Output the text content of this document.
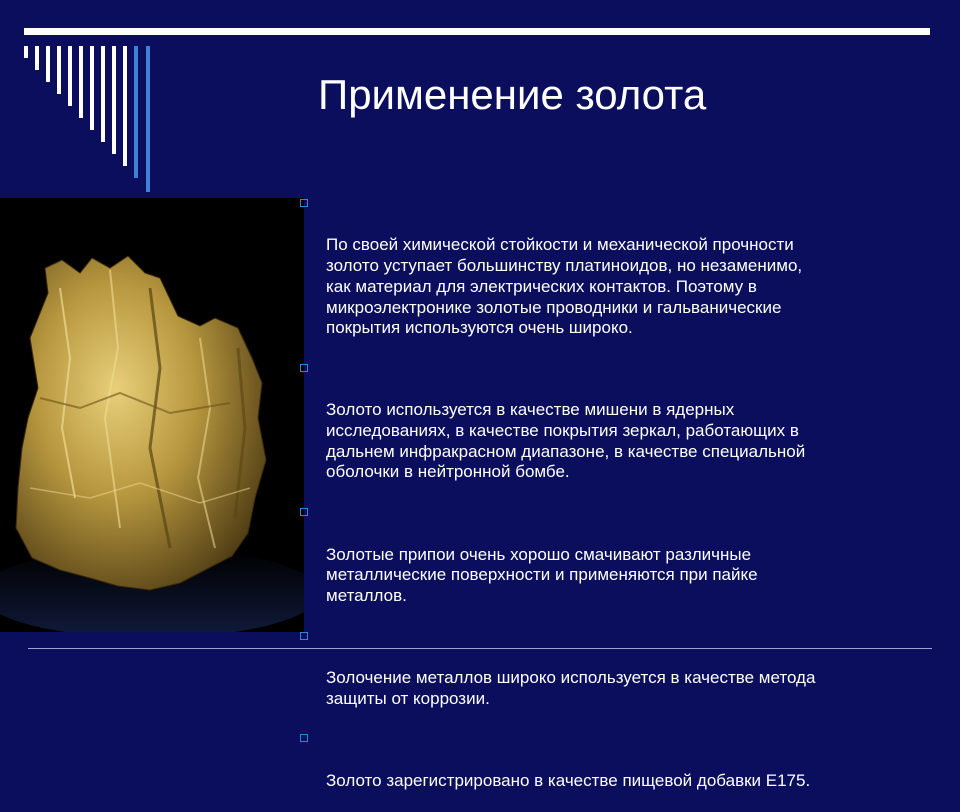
Применение золота

По своей химической стойкости и механической прочности
золото уступает большинству платиноидов, но незаменимо,
как материал для электрических контактов. Поэтому в
микроэлектронике золотые проводники и гальванические
покрытия используются очень широко.

Золото используется в качестве мишени в ядерных
исследованиях, в качестве покрытия зеркал, работающих в
дальнем инфракрасном диапазоне, в качестве специальной
оболочки в нейтронной бомбе.

Золотые припои очень хорошо смачивают различные
металлические поверхности и применяются при пайке
металлов.

Золочение металлов широко используется в качестве метода
защиты от коррозии.

Золото зарегистрировано в качестве пищевой добавки E175.
